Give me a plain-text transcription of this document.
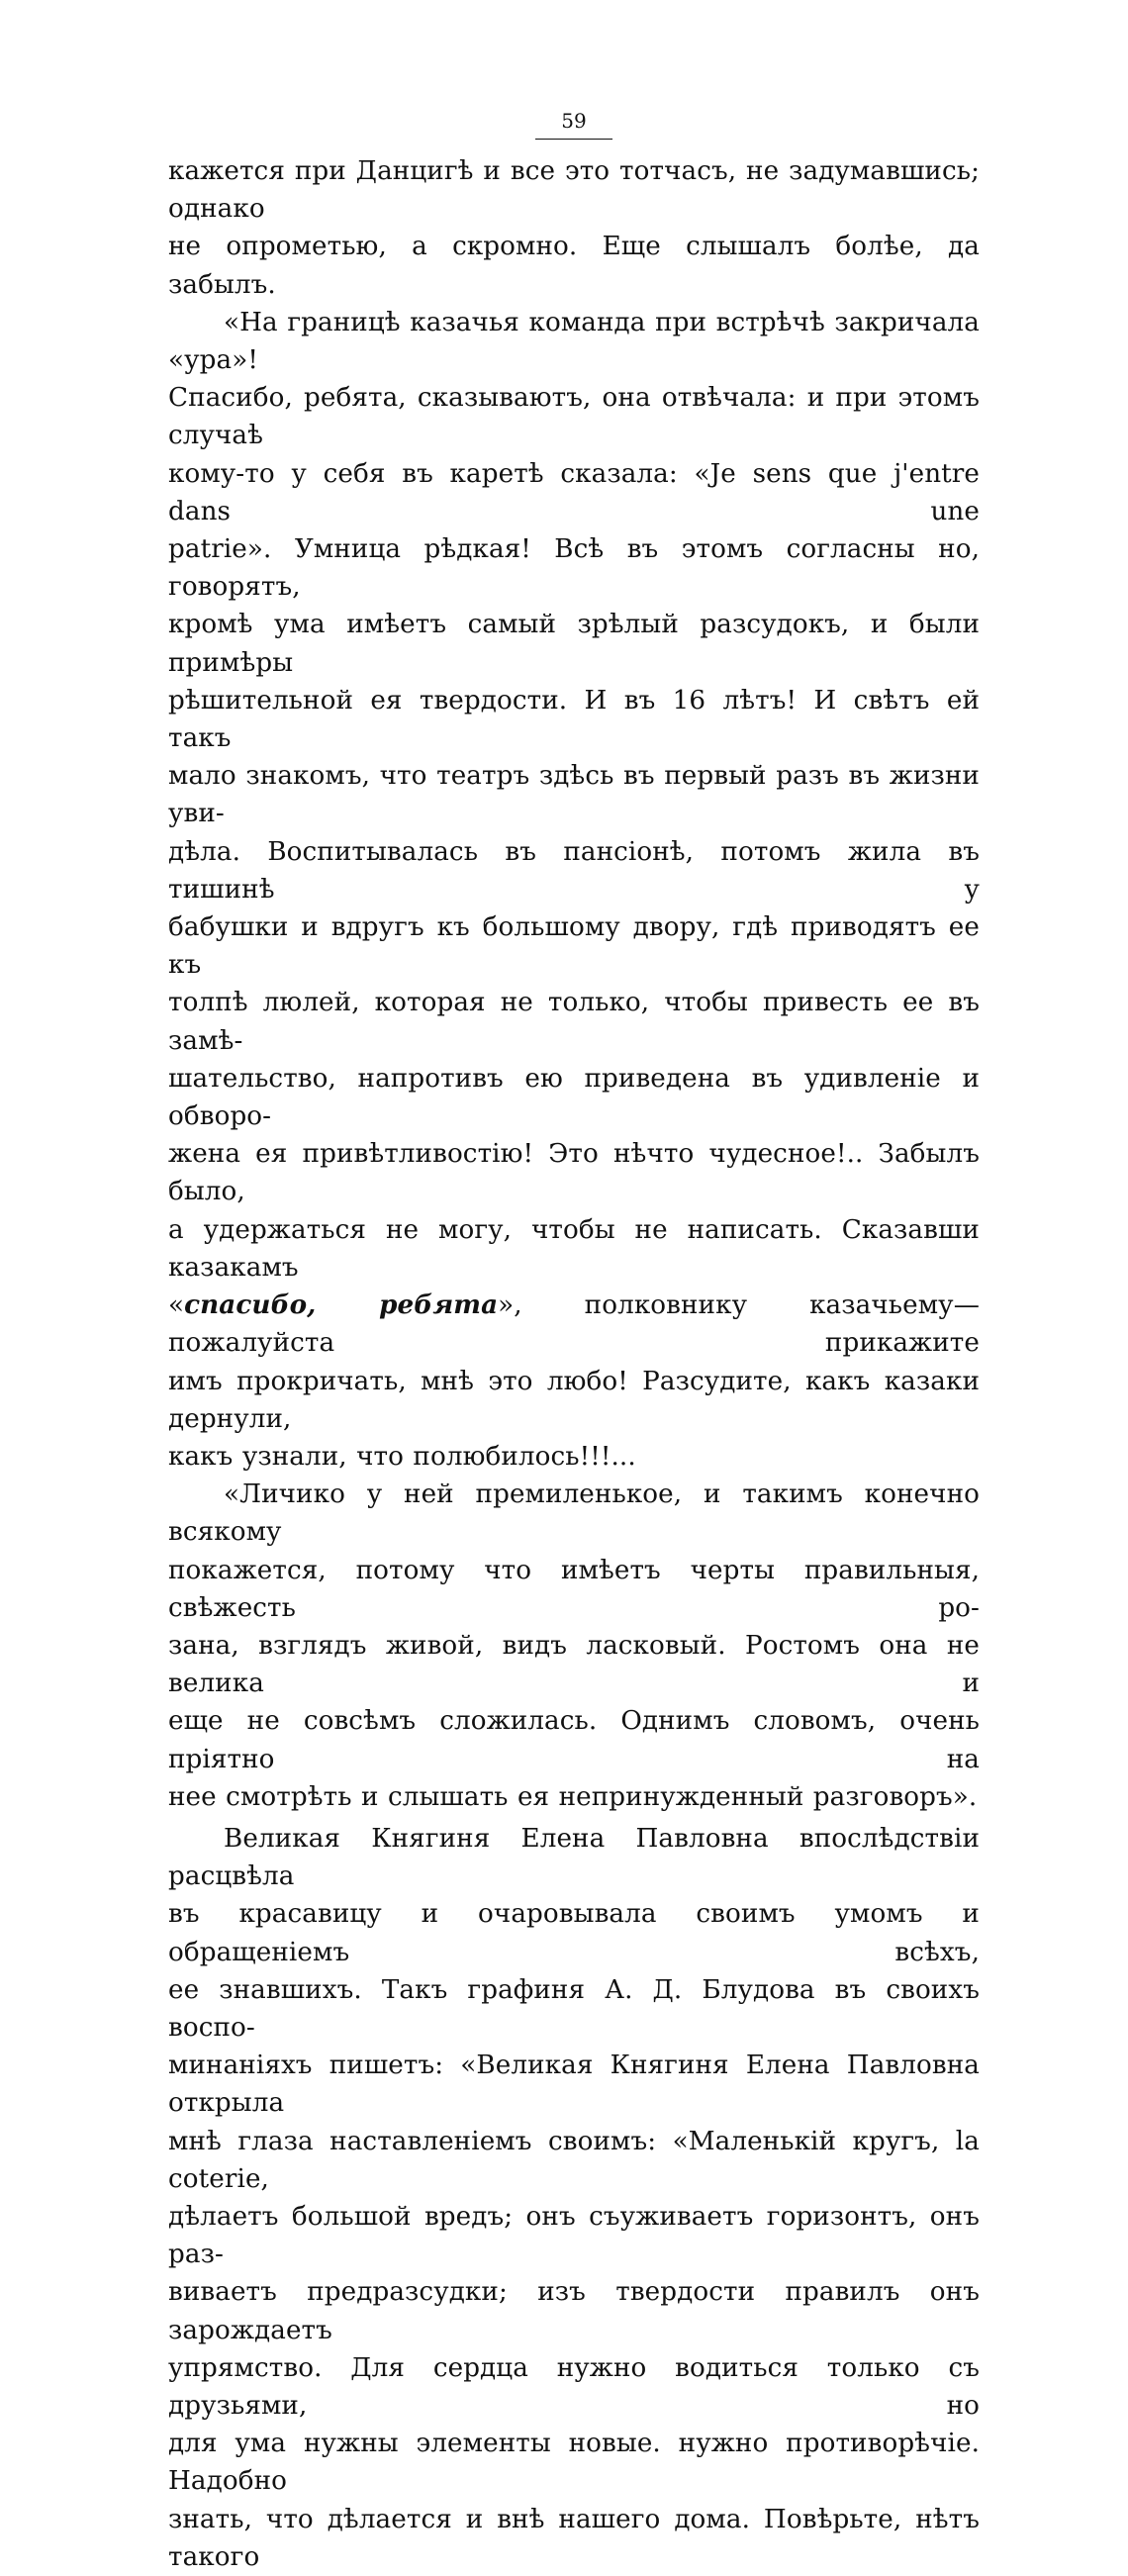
59

кажется при Данцигѣ и все это тотчасъ, не задумавшись; однако

не опрометью, а скромно. Еще слышалъ болѣе, да забылъ.

«На границѣ казачья команда при встрѣчѣ закричала «ура»!

Спасибо, ребята, сказываютъ, она отвѣчала: и при этомъ случаѣ

кому-то у себя въ каретѣ сказала: «Je sens que j'entre dans une

patrie». Умница рѣдкая! Всѣ въ этомъ согласны но, говорятъ,

кромѣ ума имѣетъ самый зрѣлый разсудокъ, и были примѣры

рѣшительной ея твердости. И въ 16 лѣтъ! И свѣтъ ей такъ

мало знакомъ, что театръ здѣсь въ первый разъ въ жизни уви-

дѣла. Воспитывалась въ пансіонѣ, потомъ жила въ тишинѣ у

бабушки и вдругъ къ большому двору, гдѣ приводятъ ее къ

толпѣ люлей, которая не только, чтобы привесть ее въ замѣ-

шательство, напротивъ ею приведена въ удивленіе и обворо-

жена ея привѣтливостію! Это нѣчто чудесное!.. Забылъ было,

а удержаться не могу, чтобы не написать. Сказавши казакамъ

«спасибо, ребята», полковнику казачьему—пожалуйста прикажите

имъ прокричать, мнѣ это любо! Разсудите, какъ казаки дернули,

какъ узнали, что полюбилось!!!...

«Личико у ней премиленькое, и такимъ конечно всякому

покажется, потому что имѣетъ черты правильныя, свѣжесть ро-

зана, взглядъ живой, видъ ласковый. Ростомъ она не велика и

еще не совсѣмъ сложилась. Однимъ словомъ, очень пріятно на

нее смотрѣть и слышать ея непринужденный разговоръ».

Великая Княгиня Елена Павловна впослѣдствіи расцвѣла

въ красавицу и очаровывала своимъ умомъ и обращеніемъ всѣхъ,

ее знавшихъ. Такъ графиня А. Д. Блудова въ своихъ воспо-

минаніяхъ пишетъ: «Великая Княгиня Елена Павловна открыла

мнѣ глаза наставленіемъ своимъ: «Маленькій кругъ, la coterie,

дѣлаетъ большой вредъ; онъ съуживаетъ горизонтъ, онъ раз-

виваетъ предразсудки; изъ твердости правилъ онъ зарождаетъ

упрямство. Для сердца нужно водиться только съ друзьями, но

для ума нужны элементы новые. нужно противорѣчіе. Надобно

знать, что дѣлается и внѣ нашего дома. Повѣрьте, нѣтъ такого
